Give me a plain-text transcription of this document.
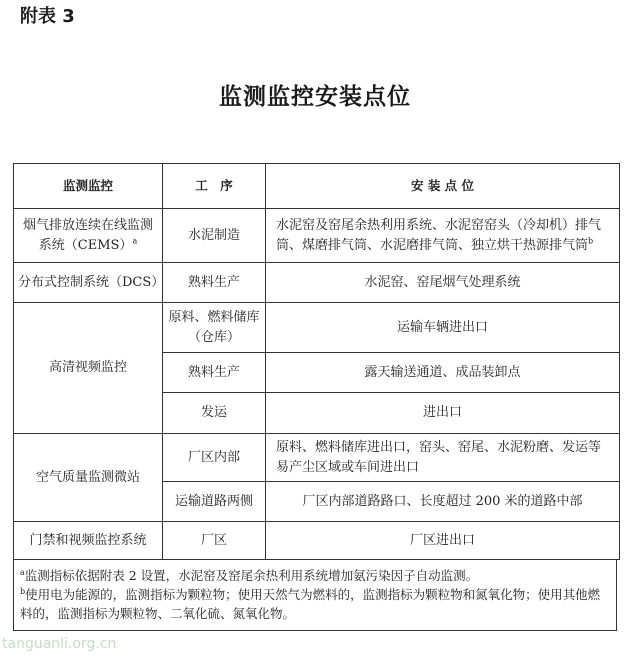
附表 3
监测监控安装点位
监测监控	工　序	安 装 点 位
烟气排放连续在线监测系统（CEMS）$^a$	水泥制造	水泥窑及窑尾余热利用系统、水泥窑窑头（冷却机）排气筒、煤磨排气筒、水泥磨排气筒、独立烘干热源排气筒$^b$
分布式控制系统（DCS）	熟料生产	水泥窑、窑尾烟气处理系统
高清视频监控	原料、燃料储库（仓库）	运输车辆进出口
	熟料生产	露天输送通道、成品装卸点
	发运	进出口
空气质量监测微站	厂区内部	原料、燃料储库进出口，窑头、窑尾、水泥粉磨、发运等易产尘区域或车间进出口
	运输道路两侧	厂区内部道路路口、长度超过 200 米的道路中部
门禁和视频监控系统	厂区	厂区进出口

$^a$监测指标依据附表 2 设置，水泥窑及窑尾余热利用系统增加氨污染因子自动监测。

$^b$使用电为能源的，监测指标为颗粒物；使用天然气为燃料的，监测指标为颗粒物和氮氧化物；使用其他燃料的，监测指标为颗粒物、二氧化硫、氮氧化物。

tanguanli.org.cn
